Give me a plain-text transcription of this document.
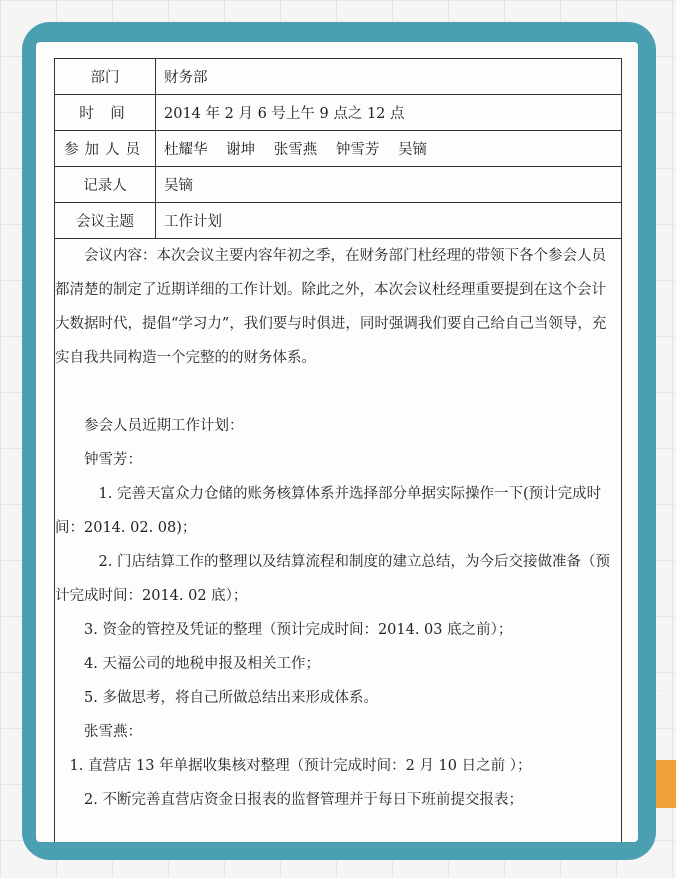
部门	财务部
时 间	2014 年 2 月 6 号上午 9 点之 12 点
参加人员	杜耀华 谢坤 张雪燕 钟雪芳 吴镝
记录人	吴镝
会议主题	工作计划

会议内容：本次会议主要内容年初之季，在财务部门杜经理的带领下各个参会人员都清楚的制定了近期详细的工作计划。除此之外，本次会议杜经理重要提到在这个会计大数据时代，提倡“学习力”，我们要与时俱进，同时强调我们要自己给自己当领导，充实自我共同构造一个完整的的财务体系。

参会人员近期工作计划：

钟雪芳：

1. 完善天富众力仓储的账务核算体系并选择部分单据实际操作一下(预计完成时间：2014. 02. 08)；

2. 门店结算工作的整理以及结算流程和制度的建立总结，为今后交接做准备（预计完成时间：2014. 02 底）；

3. 资金的管控及凭证的整理（预计完成时间：2014. 03 底之前）；

4. 天福公司的地税申报及相关工作；

5. 多做思考，将自己所做总结出来形成体系。

张雪燕：

1. 直营店 13 年单据收集核对整理（预计完成时间：2 月 10 日之前 ）；

2. 不断完善直营店资金日报表的监督管理并于每日下班前提交报表；
